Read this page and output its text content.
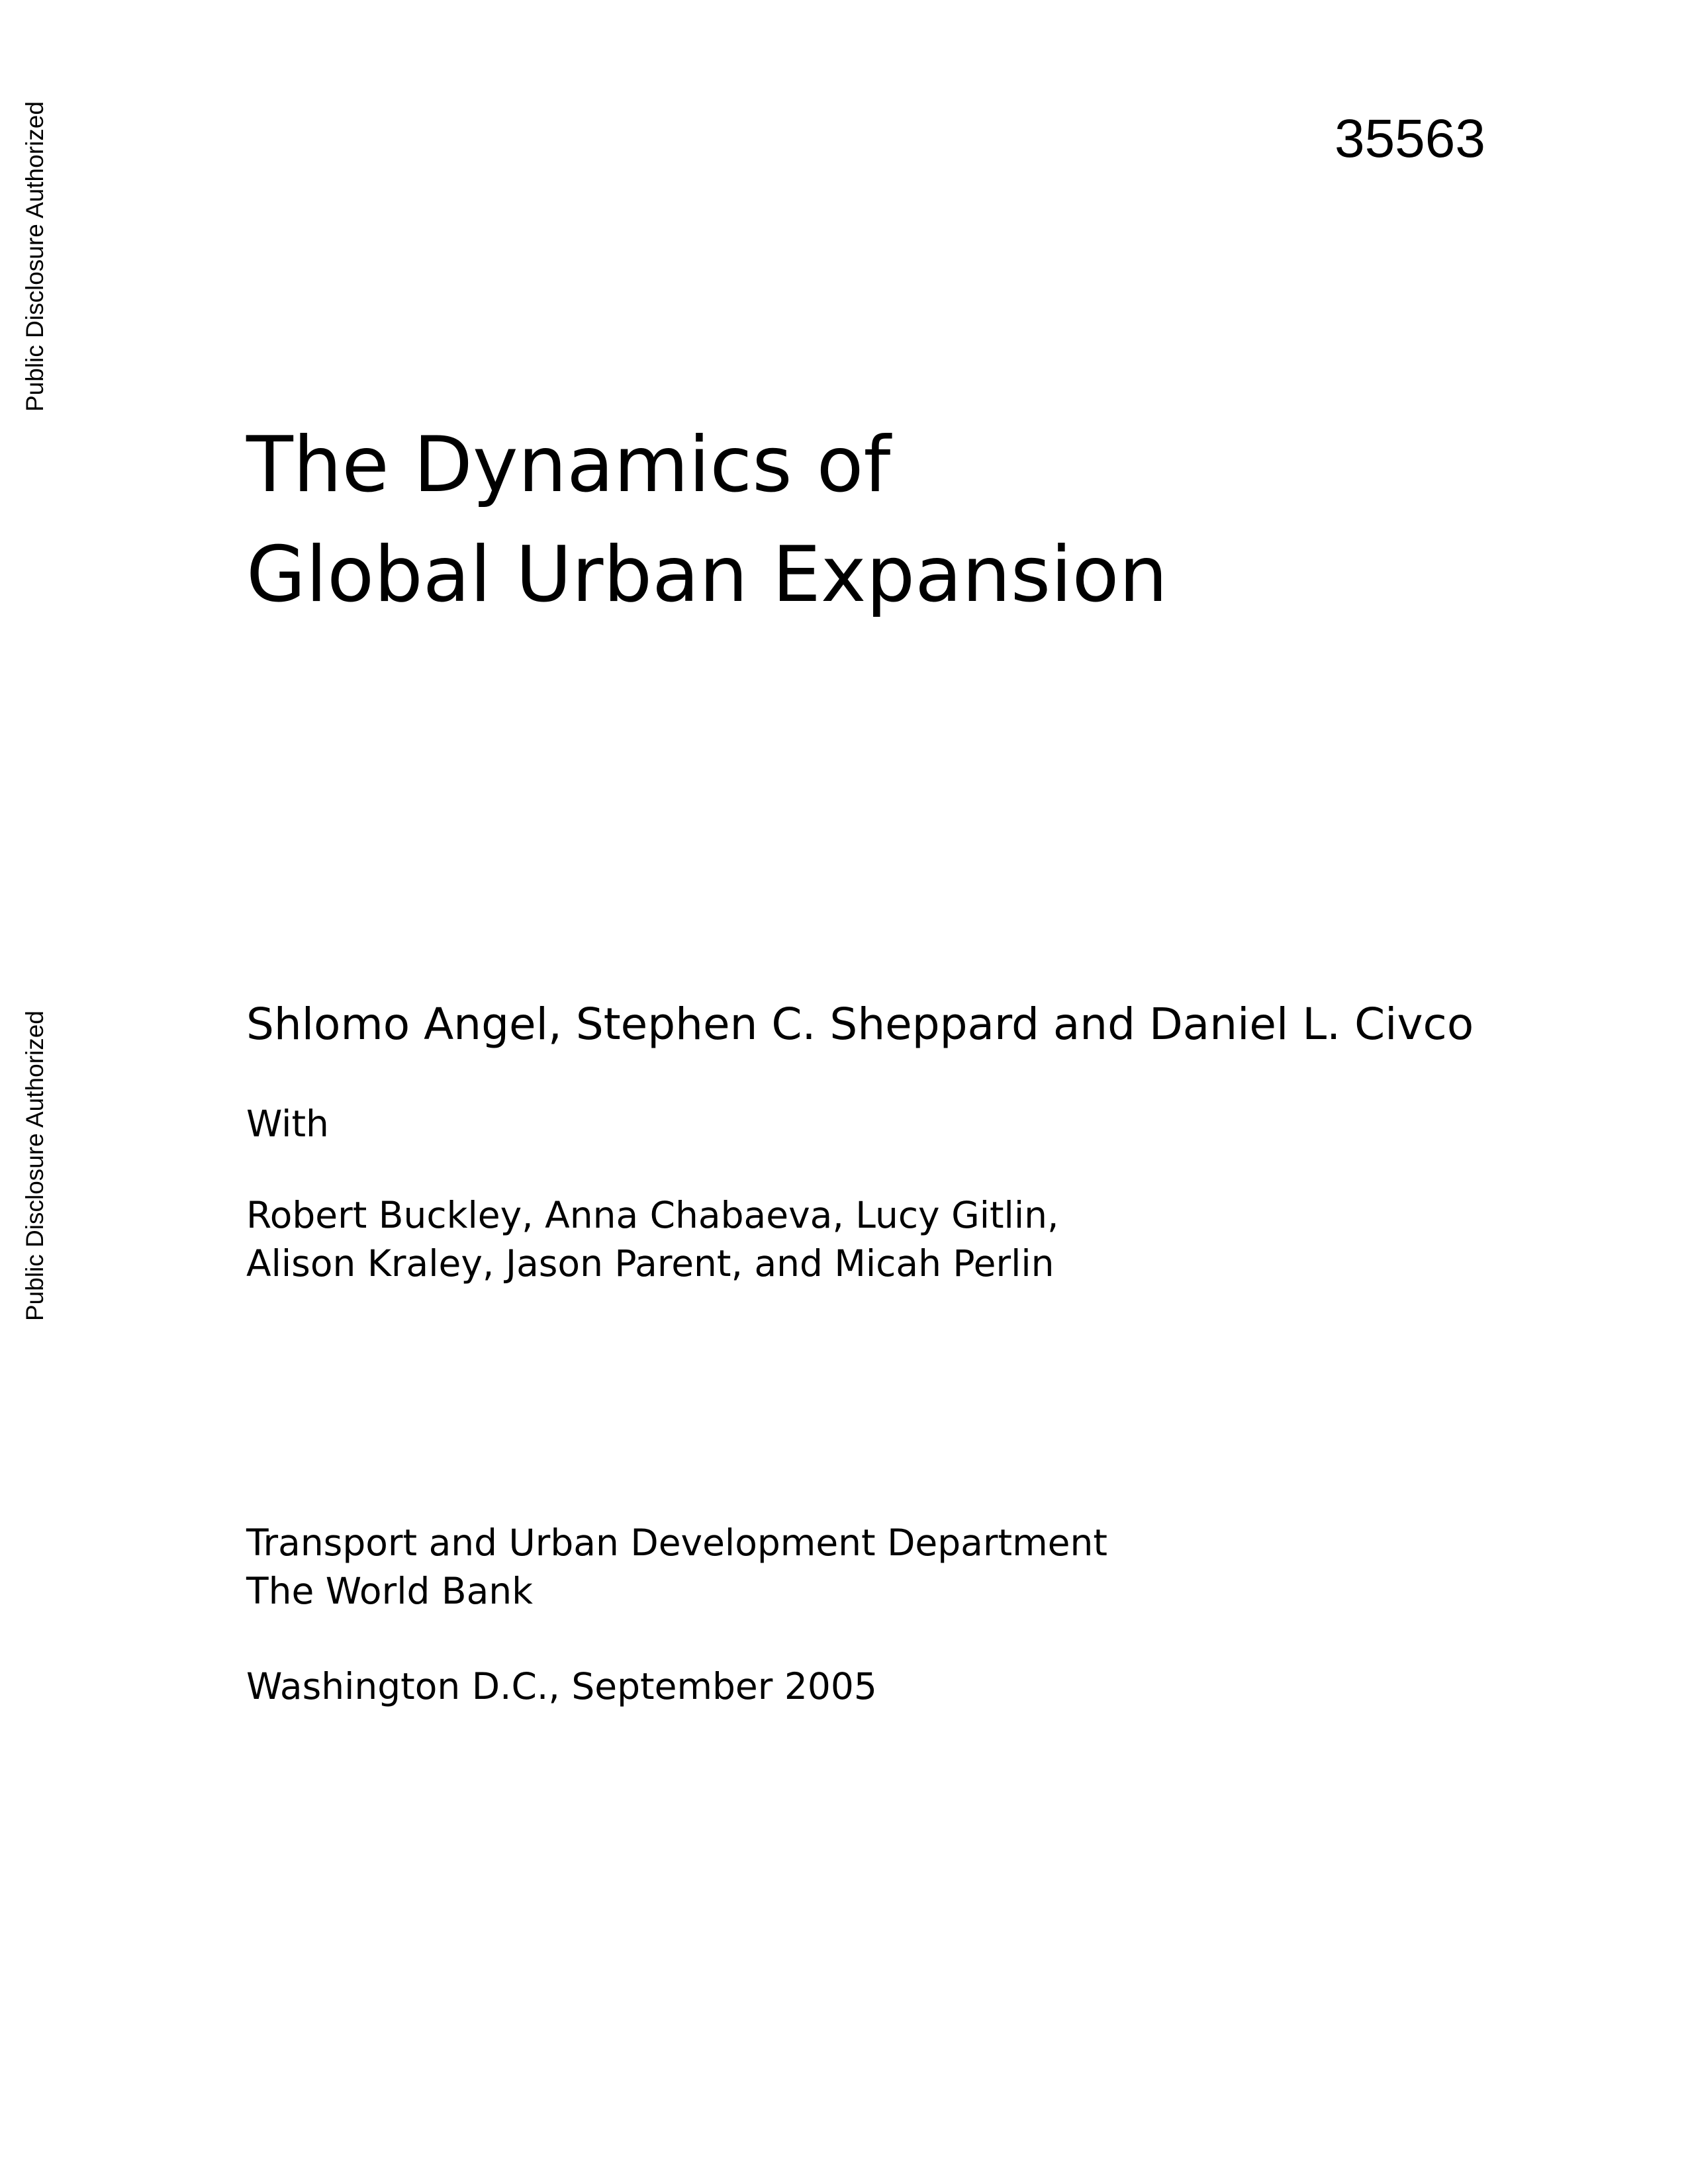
Public Disclosure Authorized
Public Disclosure Authorized
35563
The Dynamics of
Global Urban Expansion
Shlomo Angel, Stephen C. Sheppard and Daniel L. Civco
With
Robert Buckley, Anna Chabaeva, Lucy Gitlin,
Alison Kraley, Jason Parent, and Micah Perlin
Transport and Urban Development Department
The World Bank
Washington D.C., September 2005
